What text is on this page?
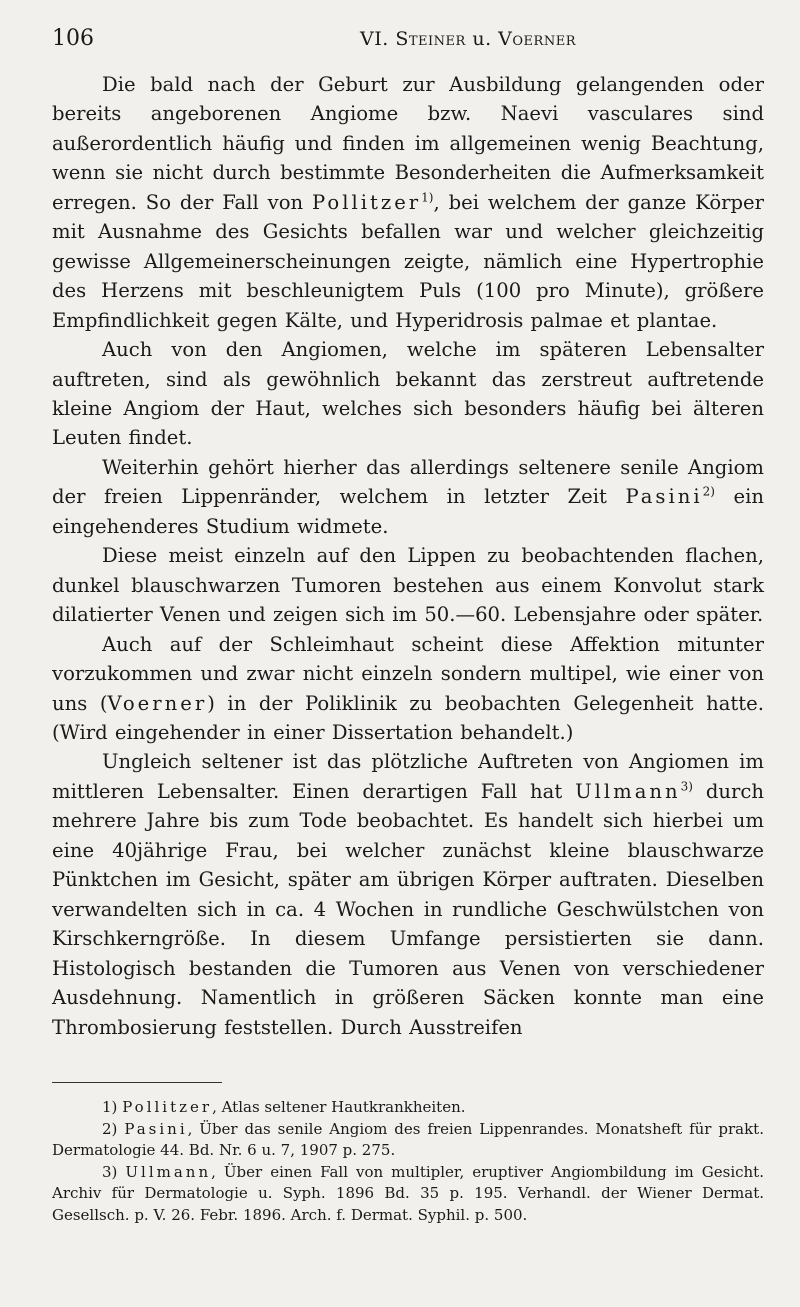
106	VI. Steiner u. Voerner

Die bald nach der Geburt zur Ausbildung gelangenden oder bereits angeborenen Angiome bzw. Naevi vasculares sind außerordentlich häufig und finden im allgemeinen wenig Beachtung, wenn sie nicht durch bestimmte Besonderheiten die Aufmerksamkeit erregen. So der Fall von Pollitzer$^{1)}$, bei welchem der ganze Körper mit Ausnahme des Gesichts befallen war und welcher gleichzeitig gewisse Allgemeinerscheinungen zeigte, nämlich eine Hypertrophie des Herzens mit beschleunigtem Puls (100 pro Minute), größere Empfindlichkeit gegen Kälte, und Hyperidrosis palmae et plantae.

Auch von den Angiomen, welche im späteren Lebensalter auftreten, sind als gewöhnlich bekannt das zerstreut auftretende kleine Angiom der Haut, welches sich besonders häufig bei älteren Leuten findet.

Weiterhin gehört hierher das allerdings seltenere senile Angiom der freien Lippenränder, welchem in letzter Zeit Pasini$^{2)}$ ein eingehenderes Studium widmete.

Diese meist einzeln auf den Lippen zu beobachtenden flachen, dunkel blauschwarzen Tumoren bestehen aus einem Konvolut stark dilatierter Venen und zeigen sich im 50.—60. Lebensjahre oder später.

Auch auf der Schleimhaut scheint diese Affektion mitunter vorzukommen und zwar nicht einzeln sondern multipel, wie einer von uns (Voerner) in der Poliklinik zu beobachten Gelegenheit hatte. (Wird eingehender in einer Dissertation behandelt.)

Ungleich seltener ist das plötzliche Auftreten von Angiomen im mittleren Lebensalter. Einen derartigen Fall hat Ullmann$^{3)}$ durch mehrere Jahre bis zum Tode beobachtet. Es handelt sich hierbei um eine 40jährige Frau, bei welcher zunächst kleine blauschwarze Pünktchen im Gesicht, später am übrigen Körper auftraten. Dieselben verwandelten sich in ca. 4 Wochen in rundliche Geschwülstchen von Kirschkerngröße. In diesem Umfange persistierten sie dann. Histologisch bestanden die Tumoren aus Venen von verschiedener Ausdehnung. Namentlich in größeren Säcken konnte man eine Thrombosierung feststellen. Durch Ausstreifen

1) Pollitzer, Atlas seltener Hautkrankheiten.

2) Pasini, Über das senile Angiom des freien Lippenrandes. Monatsheft für prakt. Dermatologie 44. Bd. Nr. 6 u. 7, 1907 p. 275.

3) Ullmann, Über einen Fall von multipler, eruptiver Angiombildung im Gesicht. Archiv für Dermatologie u. Syph. 1896 Bd. 35 p. 195. Verhandl. der Wiener Dermat. Gesellsch. p. V. 26. Febr. 1896. Arch. f. Dermat. Syphil. p. 500.
